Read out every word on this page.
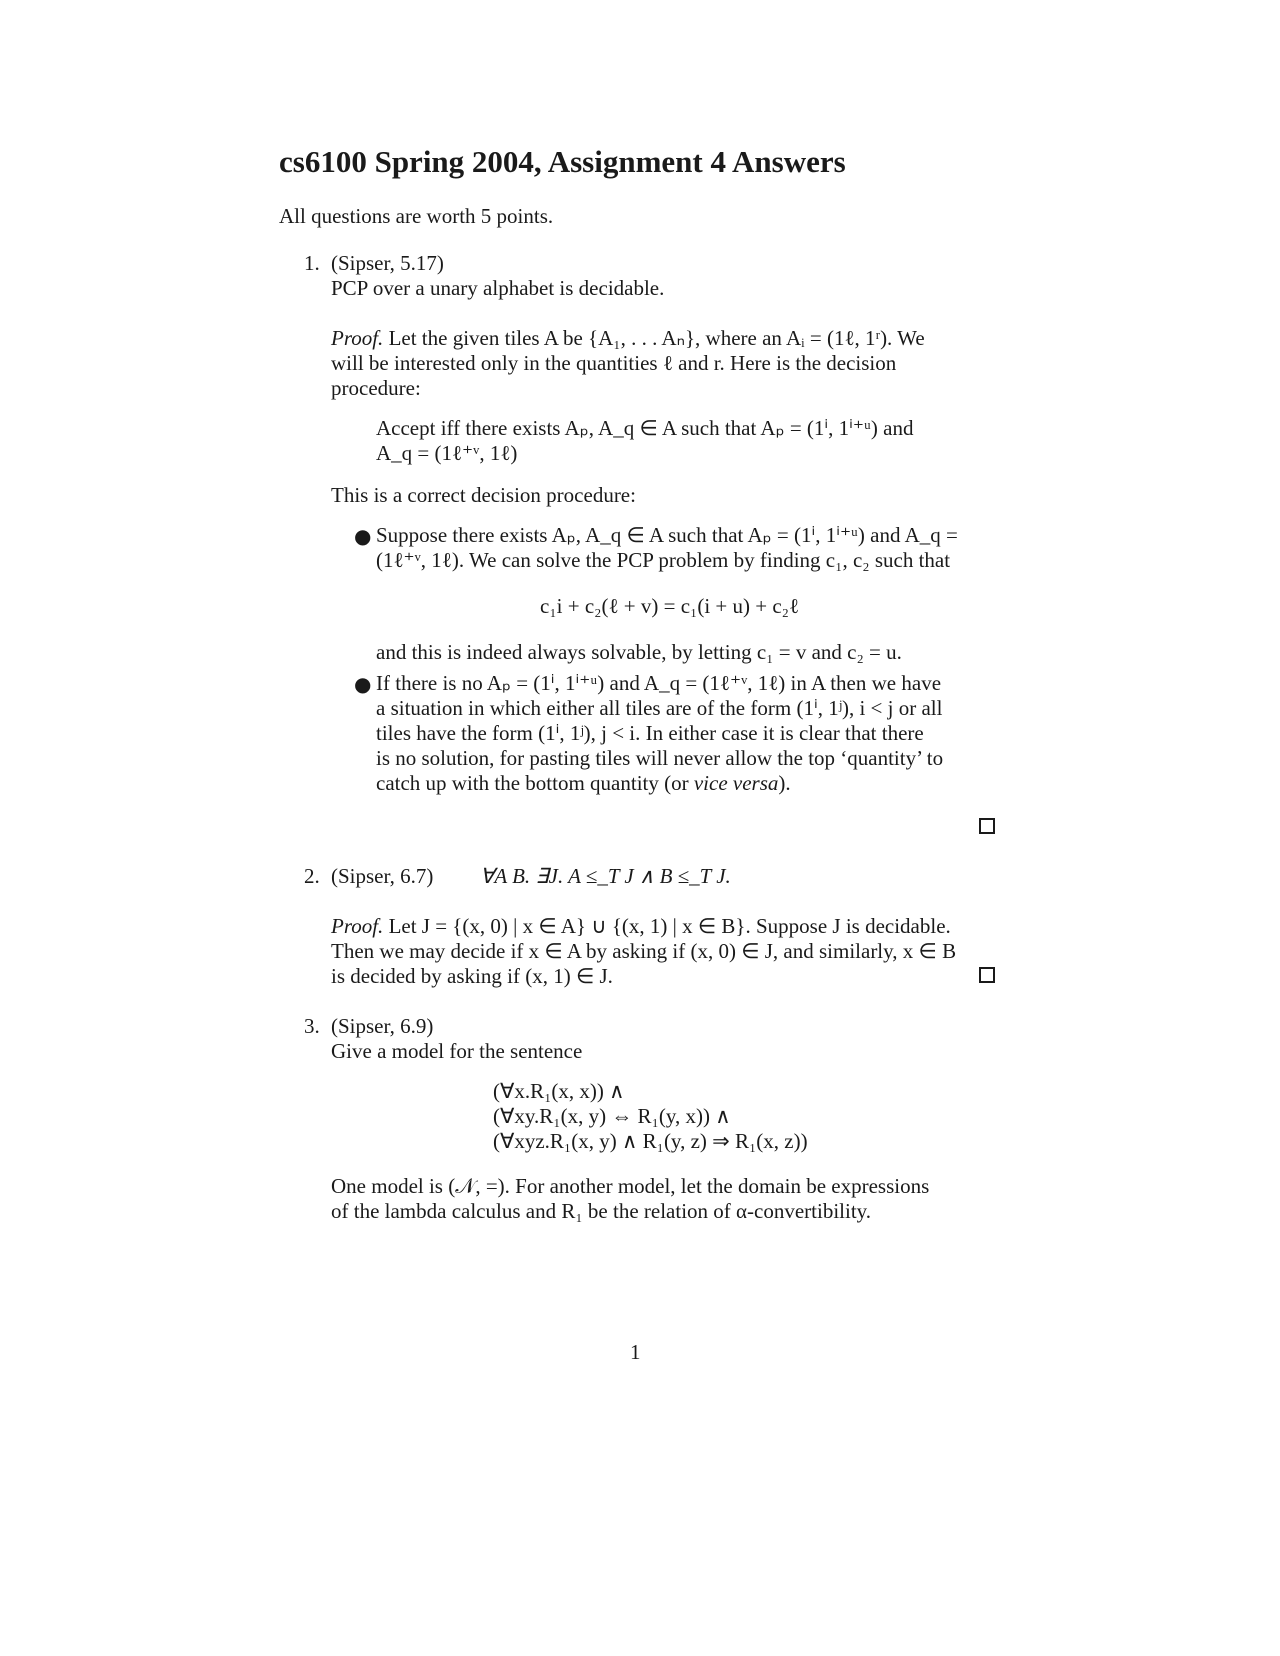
cs6100 Spring 2004, Assignment 4 Answers
All questions are worth 5 points.
1. (Sipser, 5.17)
PCP over a unary alphabet is decidable.
Proof. Let the given tiles A be {A₁, . . . Aₙ}, where an Aᵢ = (1ℓ, 1ʳ). We
will be interested only in the quantities ℓ and r. Here is the decision
procedure:
Accept iff there exists Aₚ, A_q ∈ A such that Aₚ = (1ⁱ, 1ⁱ⁺ᵘ) and
A_q = (1ℓ⁺ᵛ, 1ℓ)
This is a correct decision procedure:
● Suppose there exists Aₚ, A_q ∈ A such that Aₚ = (1ⁱ, 1ⁱ⁺ᵘ) and A_q =
(1ℓ⁺ᵛ, 1ℓ). We can solve the PCP problem by finding c₁, c₂ such that
c₁i + c₂(ℓ + v) = c₁(i + u) + c₂ℓ
and this is indeed always solvable, by letting c₁ = v and c₂ = u.
● If there is no Aₚ = (1ⁱ, 1ⁱ⁺ᵘ) and A_q = (1ℓ⁺ᵛ, 1ℓ) in A then we have
a situation in which either all tiles are of the form (1ⁱ, 1ʲ), i < j or all
tiles have the form (1ⁱ, 1ʲ), j < i. In either case it is clear that there
is no solution, for pasting tiles will never allow the top ‘quantity’ to
catch up with the bottom quantity (or vice versa).
2. (Sipser, 6.7) ∀A B. ∃J. A ≤_T J ∧ B ≤_T J.
Proof. Let J = {(x, 0) | x ∈ A} ∪ {(x, 1) | x ∈ B}. Suppose J is decidable.
Then we may decide if x ∈ A by asking if (x, 0) ∈ J, and similarly, x ∈ B
is decided by asking if (x, 1) ∈ J.
3. (Sipser, 6.9)
Give a model for the sentence
(∀x.R₁(x, x)) ∧
(∀xy.R₁(x, y) ⇔ R₁(y, x)) ∧
(∀xyz.R₁(x, y) ∧ R₁(y, z) ⇒ R₁(x, z))
One model is (𝒩, =). For another model, let the domain be expressions
of the lambda calculus and R₁ be the relation of α-convertibility.
1
